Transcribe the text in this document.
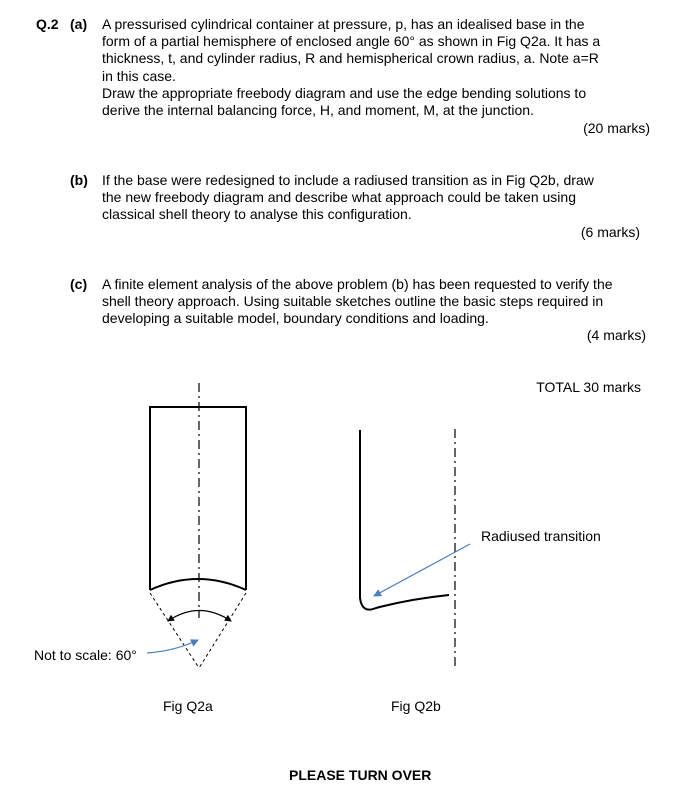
Q.2 (a) A pressurised cylindrical container at pressure, p, has an idealised base in the
form of a partial hemisphere of enclosed angle 60° as shown in Fig Q2a. It has a
thickness, t, and cylinder radius, R and hemispherical crown radius, a. Note a=R
in this case.
Draw the appropriate freebody diagram and use the edge bending solutions to
derive the internal balancing force, H, and moment, M, at the junction.
(20 marks)
(b) If the base were redesigned to include a radiused transition as in Fig Q2b, draw
the new freebody diagram and describe what approach could be taken using
classical shell theory to analyse this configuration.
(6 marks)
(c) A finite element analysis of the above problem (b) has been requested to verify the
shell theory approach. Using suitable sketches outline the basic steps required in
developing a suitable model, boundary conditions and loading.
(4 marks)
TOTAL 30 marks
Not to scale: 60°
Radiused transition
Fig Q2a	Fig Q2b
PLEASE TURN OVER
